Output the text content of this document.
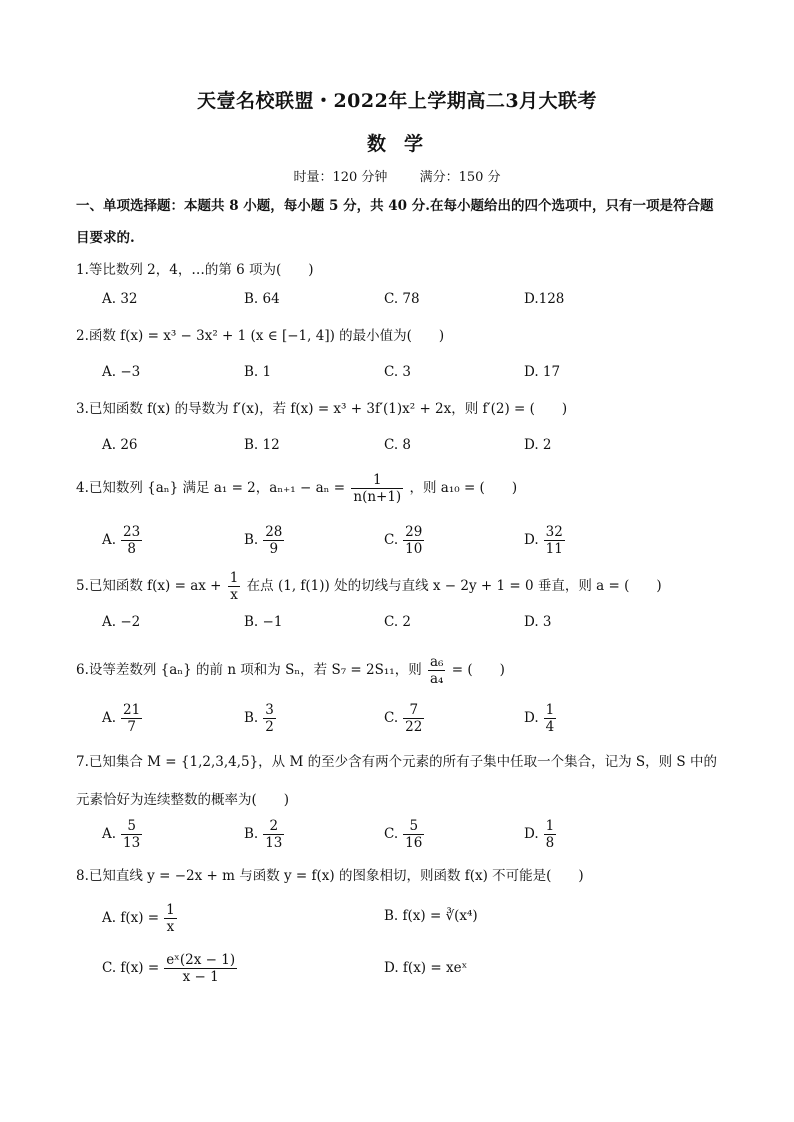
天壹名校联盟・2022年上学期高二3月大联考
数学
时量：120 分钟 满分：150 分
一、单项选择题：本题共 8 小题，每小题 5 分，共 40 分.在每小题给出的四个选项中，只有一项是符合题
目要求的.
1.等比数列 2，4，…的第 6 项为(　　)
A. 32	B. 64	C. 78	D.128
2.函数 f(x) = x³ − 3x² + 1 (x ∈ [−1, 4]) 的最小值为(　　)
A. −3	B. 1	C. 3	D. 17
3.已知函数 f(x) 的导数为 f′(x)，若 f(x) = x³ + 3f′(1)x² + 2x，则 f′(2) = (　　)
A. 26	B. 12	C. 8	D. 2
4.已知数列 {aₙ} 满足 a₁ = 2，$a_{n+1} - a_n = \frac{1}{n(n+1)}$ ，则 a₁₀ = (　　)
A. $\frac{23}{8}$	B. $\frac{28}{9}$	C. $\frac{29}{10}$	D. $\frac{32}{11}$
5.已知函数 f(x) = ax + $\frac{1}{x}$ 在点 (1, f(1)) 处的切线与直线 x − 2y + 1 = 0 垂直，则 a = (　　)
A. −2	B. −1	C. 2	D. 3
6.设等差数列 {aₙ} 的前 n 项和为 Sₙ，若 S₇ = 2S₁₁，则 $\frac{\text{a₆}}{\text{a₄}}$ = (　　)
A. $\frac{21}{7}$	B. $\frac{3}{2}$	C. $\frac{7}{22}$	D. $\frac{1}{4}$
7.已知集合 M = {1,2,3,4,5}，从 M 的至少含有两个元素的所有子集中任取一个集合，记为 S，则 S 中的
元素恰好为连续整数的概率为(　　)
A. $\frac{5}{13}$	B. $\frac{2}{13}$	C. $\frac{5}{16}$	D. $\frac{1}{8}$
8.已知直线 y = −2x + m 与函数 y = f(x) 的图象相切，则函数 f(x) 不可能是(　　)
A. $f(x) = \frac{1}{x}$	B. f(x) = ∛(x⁴)
C. $f(x) = \frac{\text{eˣ(2x − 1)}}{x - 1}$	D. f(x) = xeˣ
